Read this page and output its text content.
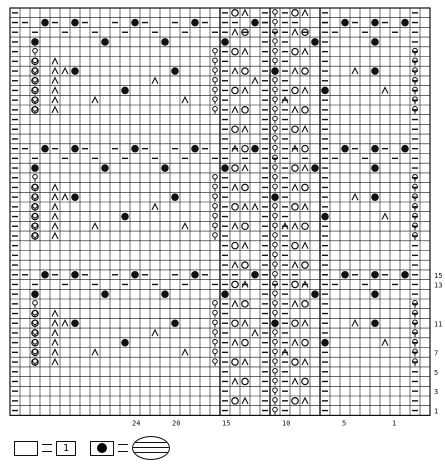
15
13
11
7
5
3
1
24	20	15	10	5	1
1
